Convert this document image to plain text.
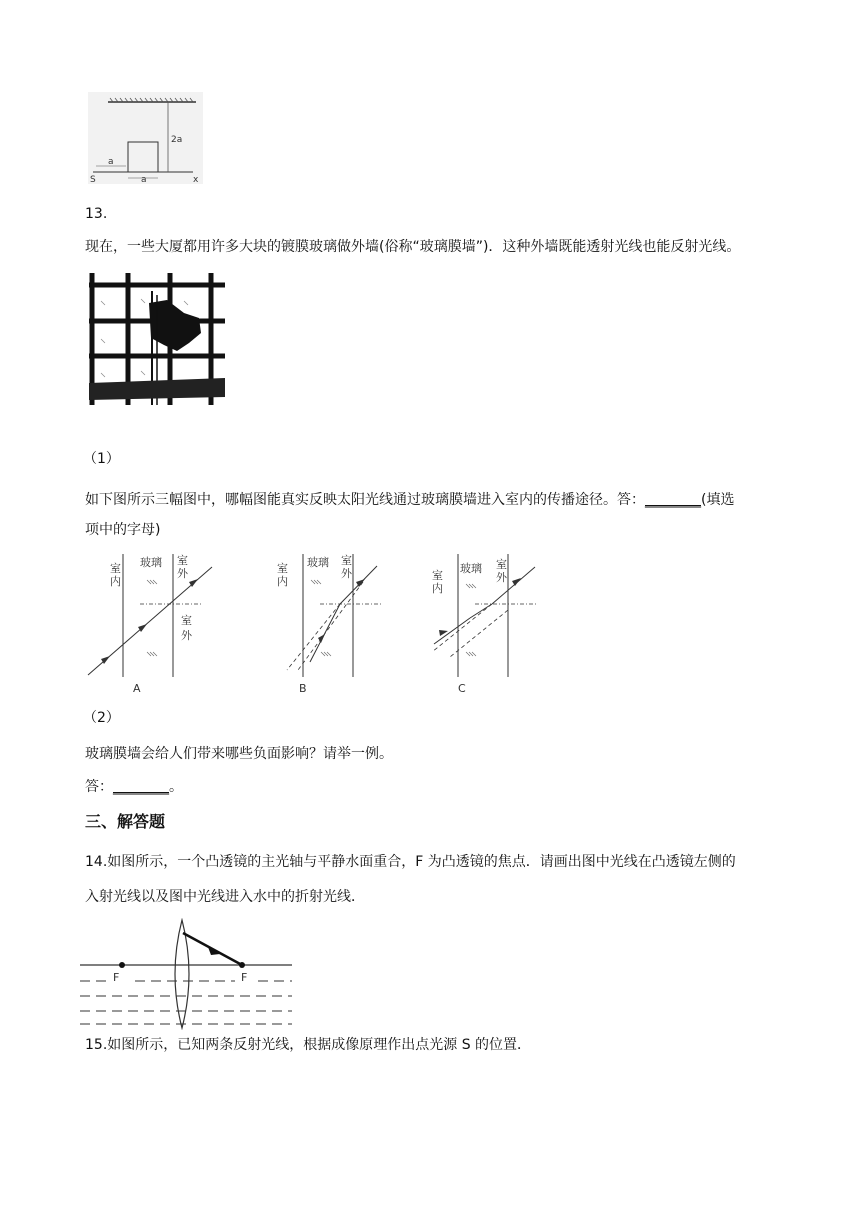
2a
a
a
S	x
13.
现在，一些大厦都用许多大块的镀膜玻璃做外墙(俗称“玻璃膜墙”)．这种外墙既能透射光线也能反射光线。
（1）
如下图所示三幅图中，哪幅图能真实反映太阳光线通过玻璃膜墙进入室内的传播途径。答：________(填选
项中的字母)
室
内
玻璃 室
外
室
外
A
室
内
玻璃 室
外
B
室
内
玻璃 室
外
C
（2）
玻璃膜墙会给人们带来哪些负面影响？请举一例。
答：________。
三、解答题
14.如图所示，一个凸透镜的主光轴与平静水面重合，F 为凸透镜的焦点．请画出图中光线在凸透镜左侧的
入射光线以及图中光线进入水中的折射光线．
F	F
15.如图所示，已知两条反射光线，根据成像原理作出点光源 S 的位置．
